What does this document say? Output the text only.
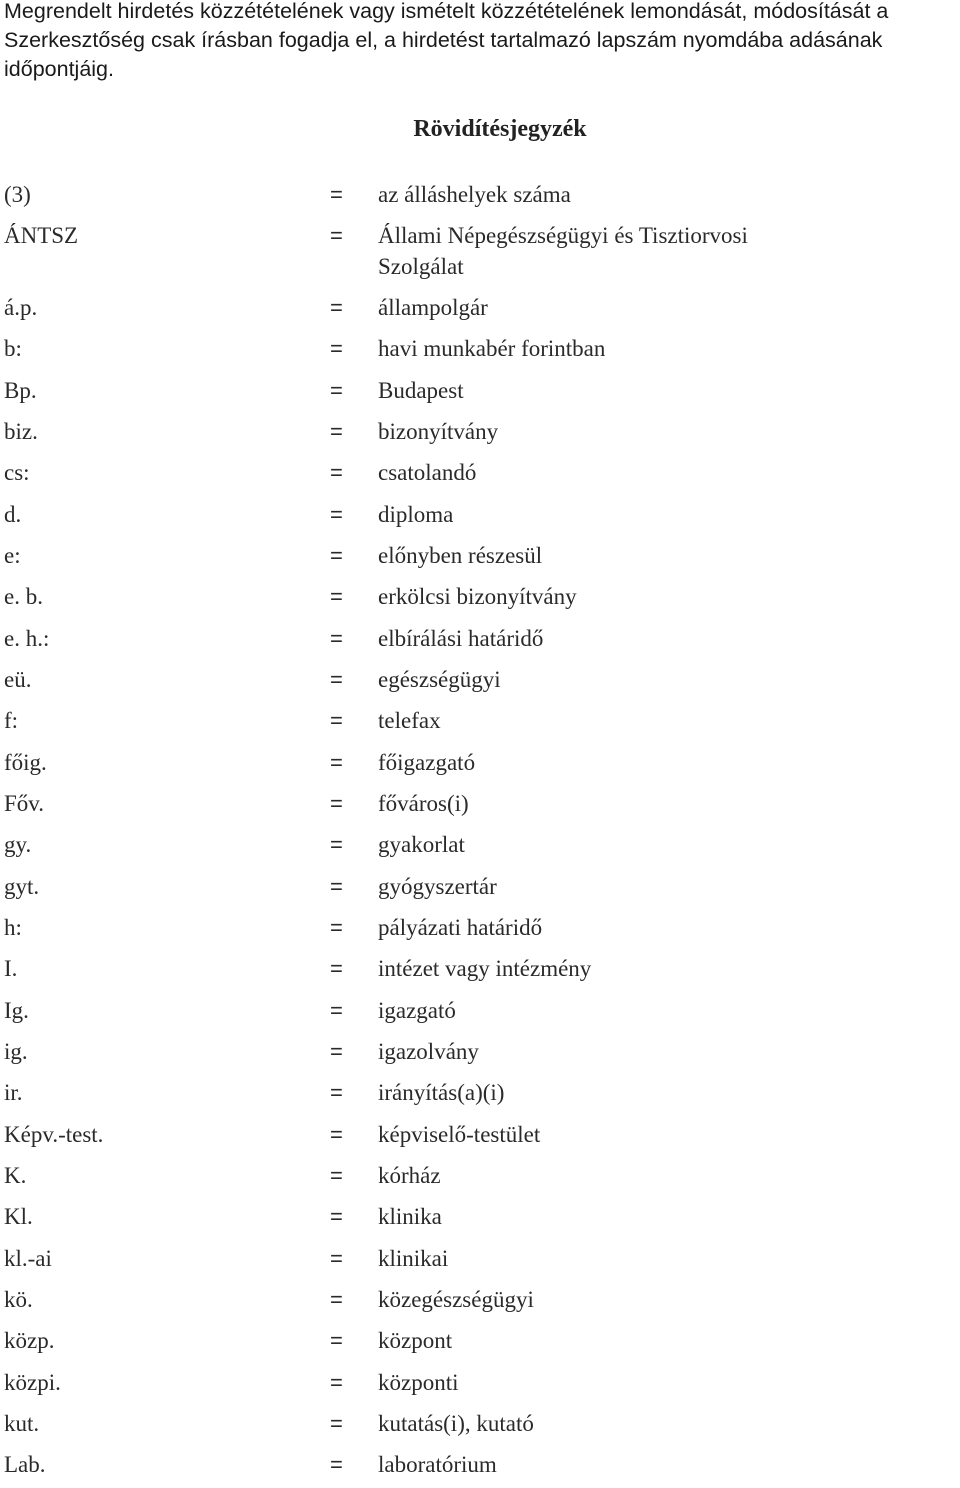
Megrendelt hirdetés közzétételének vagy ismételt közzétételének lemondását, módosítását a Szerkesztőség csak írásban fogadja el, a hirdetést tartalmazó lapszám nyomdába adásának időpontjáig.
Rövidítésjegyzék
(3)	= az álláshelyek száma
ÁNTSZ	= Állami Népegészségügyi és Tisztiorvosi Szolgálat
á.p.	= állampolgár
b:	= havi munkabér forintban
Bp.	= Budapest
biz.	= bizonyítvány
cs:	= csatolandó
d.	= diploma
e:	= előnyben részesül
e. b.	= erkölcsi bizonyítvány
e. h.:	= elbírálási határidő
eü.	= egészségügyi
f:	= telefax
főig.	= főigazgató
Főv.	= főváros(i)
gy.	= gyakorlat
gyt.	= gyógyszertár
h:	= pályázati határidő
I.	= intézet vagy intézmény
Ig.	= igazgató
ig.	= igazolvány
ir.	= irányítás(a)(i)
Képv.-test.	= képviselő-testület
K.	= kórház
Kl.	= klinika
kl.-ai	= klinikai
kö.	= közegészségügyi
közp.	= központ
közpi.	= központi
kut.	= kutatás(i), kutató
Lab.	= laboratórium
